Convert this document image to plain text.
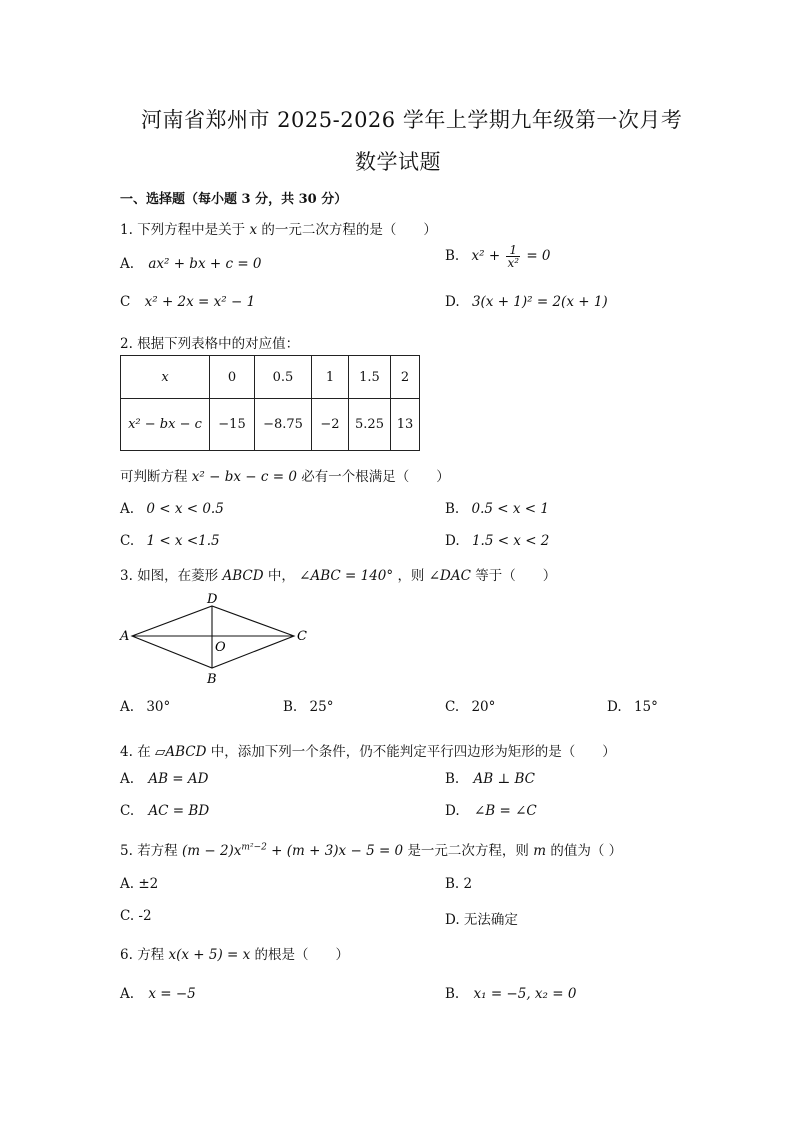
河南省郑州市 2025-2026 学年上学期九年级第一次月考
数学试题
一、选择题（每小题 3 分，共 30 分）
1. 下列方程中是关于 x 的一元二次方程的是（　　）
A. ax² + bx + c = 0	B. $x^2 + \frac{1}{\text{x²}} = 0$
C x² + 2x = x² − 1	D. 3(x + 1)² = 2(x + 1)
2. 根据下列表格中的对应值：
x	0	0.5	1	1.5	2
x² − bx − c	−15	−8.75	−2	5.25	13
可判断方程 x² − bx − c = 0 必有一个根满足（　　）
A. 0 < x < 0.5	B. 0.5 < x < 1
C. 1 < x <1.5	D. 1.5 < x < 2
3. 如图，在菱形 ABCD 中， ∠ABC = 140° ，则 ∠DAC 等于（　　）
A
D
C
B
O
A. 30°	B. 25°	C. 20°	D. 15°
4. 在 ▱ABCD 中，添加下列一个条件，仍不能判定平行四边形为矩形的是（　　）
A. AB = AD	B. AB ⊥ BC
C. AC = BD	D. ∠B = ∠C
5. 若方程 $(m - 2)x^{m^2-2} + (m + 3)x - 5 = 0$ 是一元二次方程，则 m 的值为（ ）
A. ±2	B. 2
C. -2	D. 无法确定
6. 方程 x(x + 5) = x 的根是（　　）
A. x = −5	B. x₁ = −5, x₂ = 0
